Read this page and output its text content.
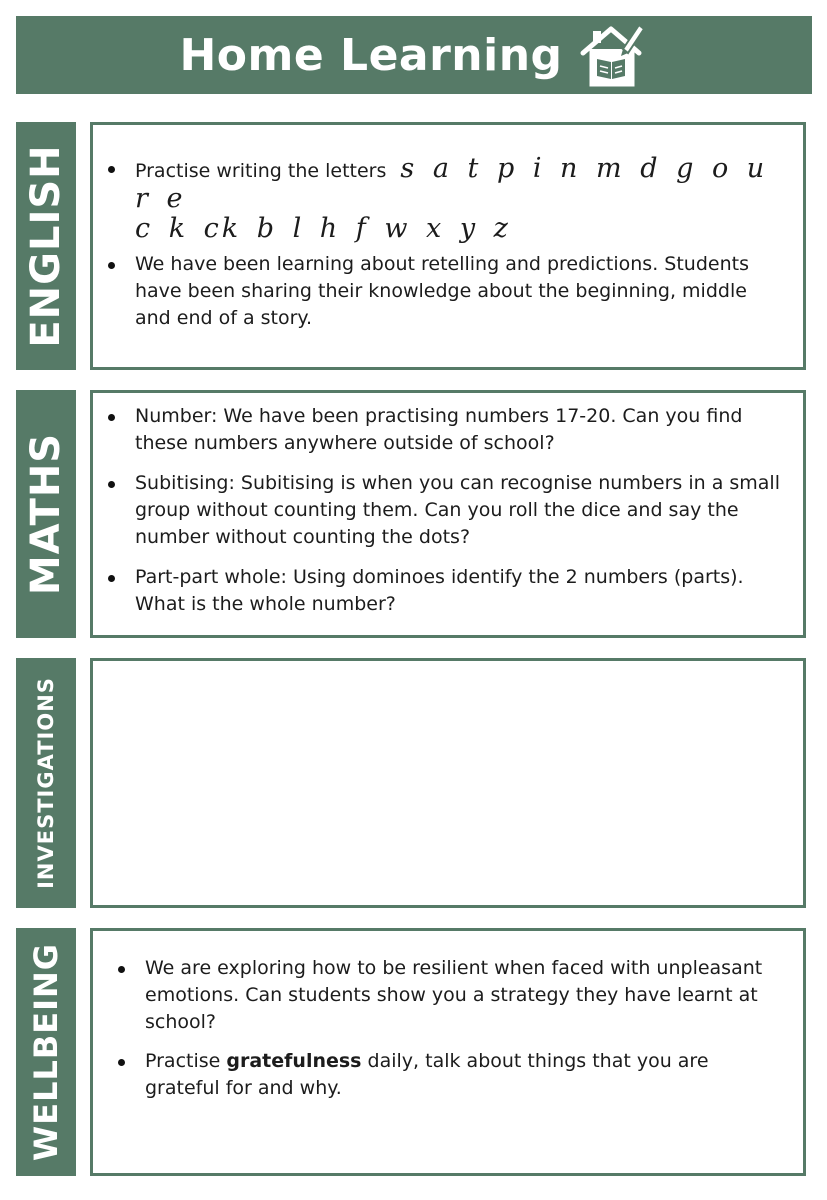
Home Learning
ENGLISH	Practise writing the letters s a t p i n m d g o u r e
c k ck b l h f w x y z
We have been learning about retelling and predictions. Students have been sharing their knowledge about the beginning, middle and end of a story.
MATHS
Number: We have been practising numbers 17-20. Can you find these numbers anywhere outside of school?
Subitising: Subitising is when you can recognise numbers in a small group without counting them. Can you roll the dice and say the number without counting the dots?
Part-part whole: Using dominoes identify the 2 numbers (parts). What is the whole number?
INVESTIGATIONS
WELLBEING	We are exploring how to be resilient when faced with unpleasant emotions. Can students show you a strategy they have learnt at school?
Practise gratefulness daily, talk about things that you are grateful for and why.
